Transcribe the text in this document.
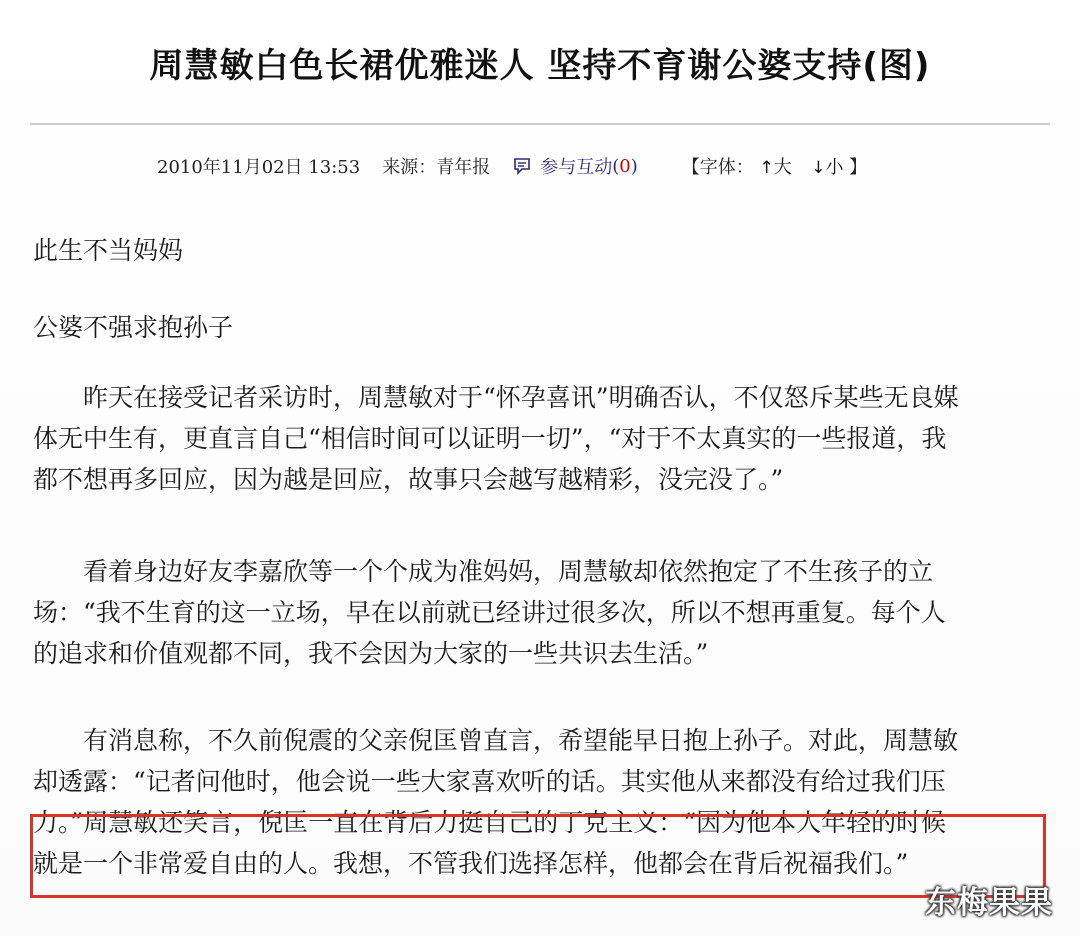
周慧敏白色长裙优雅迷人 坚持不育谢公婆支持(图)
2010年11月02日 13:53 来源： 青年报	参与互动 ( 0 ) 【字体： ↑大 ↓小 】
此生不当妈妈
公婆不强求抱孙子
　　昨天在接受记者采访时，周慧敏对于“怀孕喜讯”明确否认，不仅怒斥某些无良媒
体无中生有，更直言自己“相信时间可以证明一切”，“对于不太真实的一些报道，我
都不想再多回应，因为越是回应，故事只会越写越精彩，没完没了。”
　　看着身边好友李嘉欣等一个个成为准妈妈，周慧敏却依然抱定了不生孩子的立
场：“我不生育的这一立场，早在以前就已经讲过很多次，所以不想再重复。每个人
的追求和价值观都不同，我不会因为大家的一些共识去生活。”
　　有消息称，不久前倪震的父亲倪匡曾直言，希望能早日抱上孙子。对此，周慧敏
却透露：“记者问他时，他会说一些大家喜欢听的话。其实他从来都没有给过我们压
力。”周慧敏还笑言，倪匡一直在背后力挺自己的丁克主义：“因为他本人年轻的时候
就是一个非常爱自由的人。我想，不管我们选择怎样，他都会在背后祝福我们。”
东梅果果
